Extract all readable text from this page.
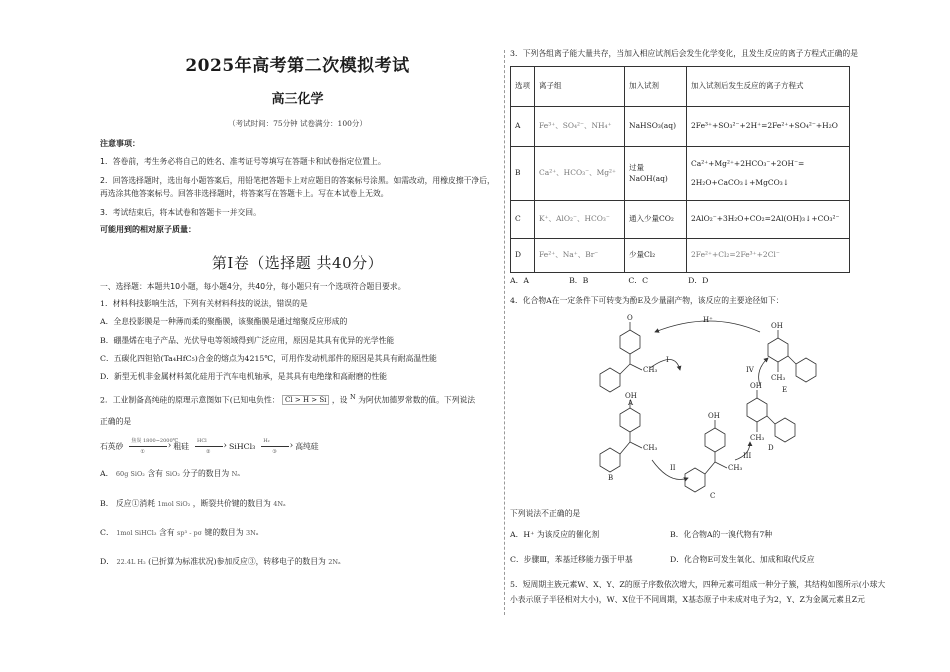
2025年高考第二次模拟考试
高三化学
（考试时间：75分钟 试卷满分：100分）
注意事项：
1．答卷前，考生务必将自己的姓名、准考证号等填写在答题卡和试卷指定位置上。
2．回答选择题时，选出每小题答案后，用铅笔把答题卡上对应题目的答案标号涂黑。如需改动，用橡皮擦干净后，再选涂其他答案标号。回答非选择题时，将答案写在答题卡上。写在本试卷上无效。
3．考试结束后，将本试卷和答题卡一并交回。
可能用到的相对原子质量：
第Ⅰ卷（选择题 共40分）
一、选择题：本题共10小题，每小题4分，共40分，每小题只有一个选项符合题目要求。
1．材料科技影响生活，下列有关材料科技的说法，错误的是
A．全息投影膜是一种薄而柔的聚酯膜，该聚酯膜是通过缩聚反应形成的
B．硼墨烯在电子产品、光伏导电等领域得到广泛应用，原因是其具有优异的光学性能
C．五碳化四钽铪(Ta₄HfC₅)合金的熔点为4215℃，可用作发动机部件的原因是其具有耐高温性能
D．新型无机非金属材料氮化硅用于汽车电机轴承，是其具有电绝缘和高耐磨的性能
2．工业制备高纯硅的原理示意图如下(已知电负性： Cl > H > Si ，设 $^N$ 为阿伏加德罗常数的值。下列说法
正确的是
石英砂
焦炭 1800~2000℃
①
›
粗硅
HCl
②
›
SiHCl₃
H₂
③
›
高纯硅
A． 60g SiO₂ 含有 SiO₂ 分子的数目为 Nₐ
B． 反应①消耗 1mol SiO₂ ，断裂共价键的数目为 4Nₐ
C． 1mol SiHCl₃ 含有 sp³ - pσ 键的数目为 3Nₐ
D． 22.4L H₂ (已折算为标准状况)参加反应③，转移电子的数目为 2Nₐ
3．下列各组离子能大量共存，当加入相应试剂后会发生化学变化，且发生反应的离子方程式正确的是
选项	离子组	加入试剂	加入试剂后发生反应的离子方程式
A	Fe³⁺、SO₄²⁻、NH₄⁺	NaHSO₃(aq)	2Fe³⁺+SO₃²⁻+2H⁺=2Fe²⁺+SO₄²⁻+H₂O

B	Ca²⁺、HCO₃⁻、Mg²⁺	过量NaOH(aq)	Ca²⁺+Mg²⁺+2HCO₃⁻+2OH⁻=
2H₂O+CaCO₃↓+MgCO₃↓

C	K⁺、AlO₂⁻、HCO₃⁻	通入少量CO₂	2AlO₂⁻+3H₂O+CO₂=2Al(OH)₃↓+CO₃²⁻

D	Fe²⁺、Na⁺、Br⁻	少量Cl₂	2Fe²⁺+Cl₂=2Fe³⁺+2Cl⁻
A．A	B．B	C．C	D．D
4．化合物A在一定条件下可转变为酚E及少量副产物，该反应的主要途径如下：
O
CH₃
A
I
OH
CH₃
B
II
OH
CH₃
C
III
OH
CH₃
D
IV
OH
CH₃
E
H⁺
下列说法不正确的是
A．H⁺ 为该反应的催化剂	B．化合物A的一溴代物有7种
C．步骤Ⅲ，苯基迁移能力强于甲基	D．化合物E可发生氧化、加成和取代反应
5．短周期主族元素W、X、Y、Z的原子序数依次增大，四种元素可组成一种分子簇，其结构如图所示(小球大小表示原子半径相对大小)，W、X位于不同周期，X基态原子中未成对电子为2，Y、Z为金属元素且Z元
